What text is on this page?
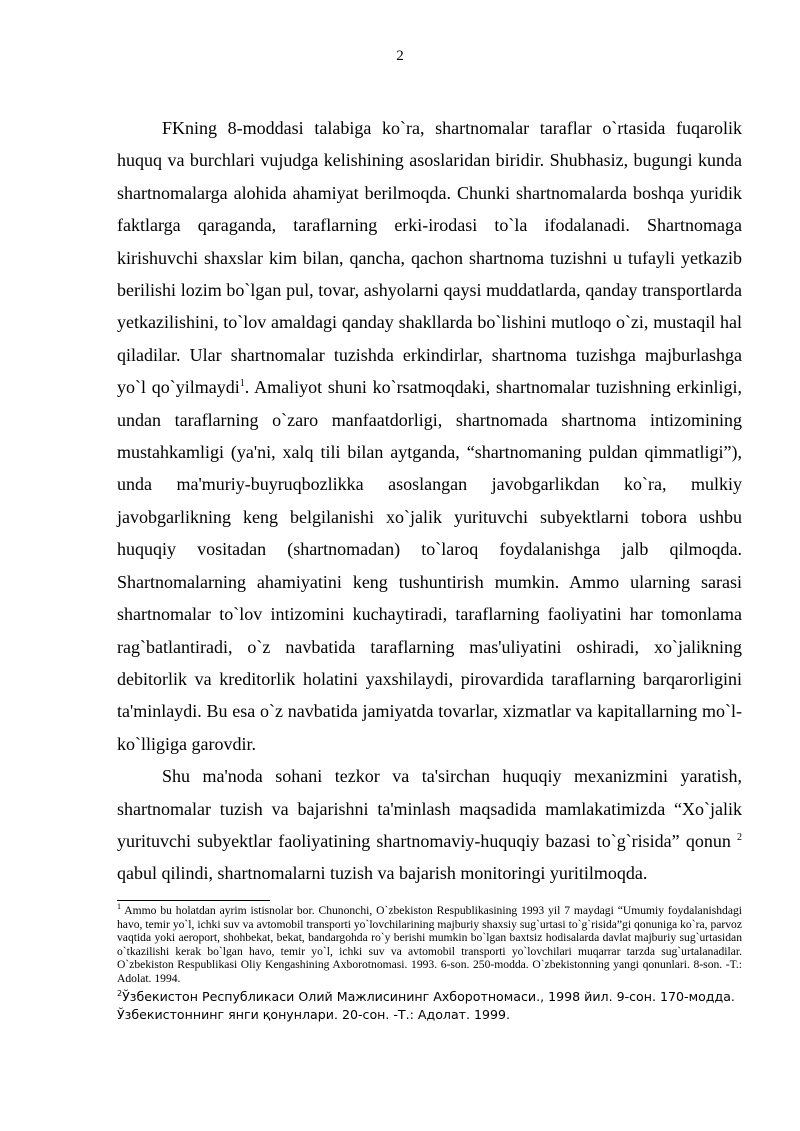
2

FKning 8-moddasi talabiga ko`ra, shartnomalar taraflar o`rtasida fuqarolik huquq va burchlari vujudga kelishining asoslaridan biridir. Shubhasiz, bugungi kunda shartnomalarga alohida ahamiyat berilmoqda. Chunki shartnomalarda boshqa yuridik faktlarga qaraganda, taraflarning erki-irodasi to`la ifodalanadi. Shartnomaga kirishuvchi shaxslar kim bilan, qancha, qachon shartnoma tuzishni u tufayli yetkazib berilishi lozim bo`lgan pul, tovar, ashyolarni qaysi muddatlarda, qanday transportlarda yetkazilishini, to`lov amaldagi qanday shakllarda bo`lishini mutloqo o`zi, mustaqil hal qiladilar. Ular shartnomalar tuzishda erkindirlar, shartnoma tuzishga majburlashga yo`l qo`yilmaydi$^1$. Amaliyot shuni ko`rsatmoqdaki, shartnomalar tuzishning erkinligi, undan taraflarning o`zaro manfaatdorligi, shartnomada shartnoma intizomining mustahkamligi (ya'ni, xalq tili bilan aytganda, “shartnomaning puldan qimmatligi”), unda ma'muriy-buyruqbozlikka asoslangan javobgarlikdan ko`ra, mulkiy javobgarlikning keng belgilanishi xo`jalik yurituvchi subyektlarni tobora ushbu huquqiy vositadan (shartnomadan) to`laroq foydalanishga jalb qilmoqda. Shartnomalarning ahamiyatini keng tushuntirish mumkin. Ammo ularning sarasi shartnomalar to`lov intizomini kuchaytiradi, taraflarning faoliyatini har tomonlama rag`batlantiradi, o`z navbatida taraflarning mas'uliyatini oshiradi, xo`jalikning debitorlik va kreditorlik holatini yaxshilaydi, pirovardida taraflarning barqarorligini ta'minlaydi. Bu esa o`z navbatida jamiyatda tovarlar, xizmatlar va kapitallarning mo`l-ko`lligiga garovdir.

Shu ma'noda sohani tezkor va ta'sirchan huquqiy mexanizmini yaratish, shartnomalar tuzish va bajarishni ta'minlash maqsadida mamlakatimizda “Xo`jalik yurituvchi subyektlar faoliyatining shartnomaviy-huquqiy bazasi to`g`risida” qonun $^2$ qabul qilindi, shartnomalarni tuzish va bajarish monitoringi yuritilmoqda.

$^1$ Ammo bu holatdan ayrim istisnolar bor. Chunonchi, O`zbekiston Respublikasining 1993 yil 7 maydagi “Umumiy foydalanishdagi havo, temir yo`l, ichki suv va avtomobil transporti yo`lovchilarining majburiy shaxsiy sug`urtasi to`g`risida”gi qonuniga ko`ra, parvoz vaqtida yoki aeroport, shohbekat, bekat, bandargohda ro`y berishi mumkin bo`lgan baxtsiz hodisalarda davlat majburiy sug`urtasidan o`tkazilishi kerak bo`lgan havo, temir yo`l, ichki suv va avtomobil transporti yo`lovchilari muqarrar tarzda sug`urtalanadilar. O`zbekiston Respublikasi Oliy Kengashining Axborotnomasi. 1993. 6-son. 250-modda. O`zbekistonning yangi qonunlari. 8-son. -T.: Adolat. 1994.

$^2$Ўзбекистон Республикаси Олий Мажлисининг Ахборотномаси., 1998 йил. 9-сон. 170-модда. Ўзбекистоннинг янги қонунлари. 20-сон. -Т.: Адолат. 1999.
